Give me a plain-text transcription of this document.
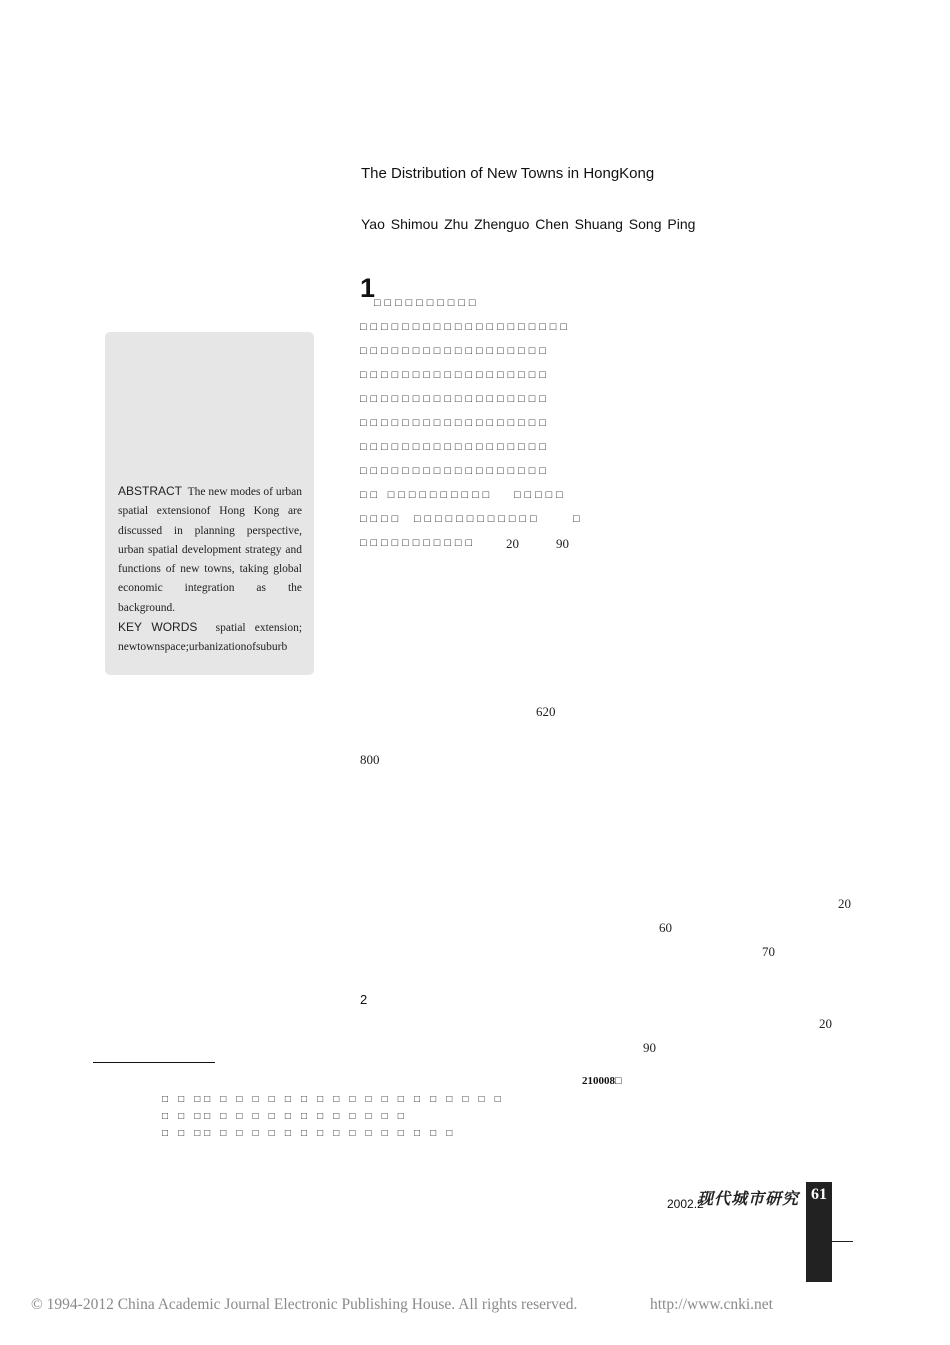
The Distribution of New Towns in HongKong
Yao Shimou Zhu Zhenguo Chen Shuang Song Ping

ABSTRACT The new modes of urban spatial extensionof Hong Kong are discussed in planning perspective, urban spatial development strategy and functions of new towns, taking global economic integration as the background.

KEY WORDS spatial extension; newtownspace;urbanizationofsuburb

1
□□□□□□□□□□
□□□□□□□□□□□□□□□□□□□□
□□□□□□□□□□□□□□□□□□
□□□□□□□□□□□□□□□□□□
□□□□□□□□□□□□□□□□□□
□□□□□□□□□□□□□□□□□□
□□□□□□□□□□□□□□□□□□
□□□□□□□□□□□□□□□□□□
□□ □□□□□□□□□□ □□□□□
□□□□ □□□□□□□□□□□□	□
□□□□□□□□□□□ 20	90
620
800
20
60
70
2
20
90
210008□
□ □ □□ □ □ □ □ □ □ □ □ □ □ □ □ □ □ □ □ □ □
□ □ □□ □ □ □ □ □ □ □ □ □ □ □ □
□ □ □□ □ □ □ □ □ □ □ □ □ □ □ □ □ □ □
2002.2
现代城市研究 61
© 1994-2012 China Academic Journal Electronic Publishing House. All rights reserved.	http://www.cnki.net
